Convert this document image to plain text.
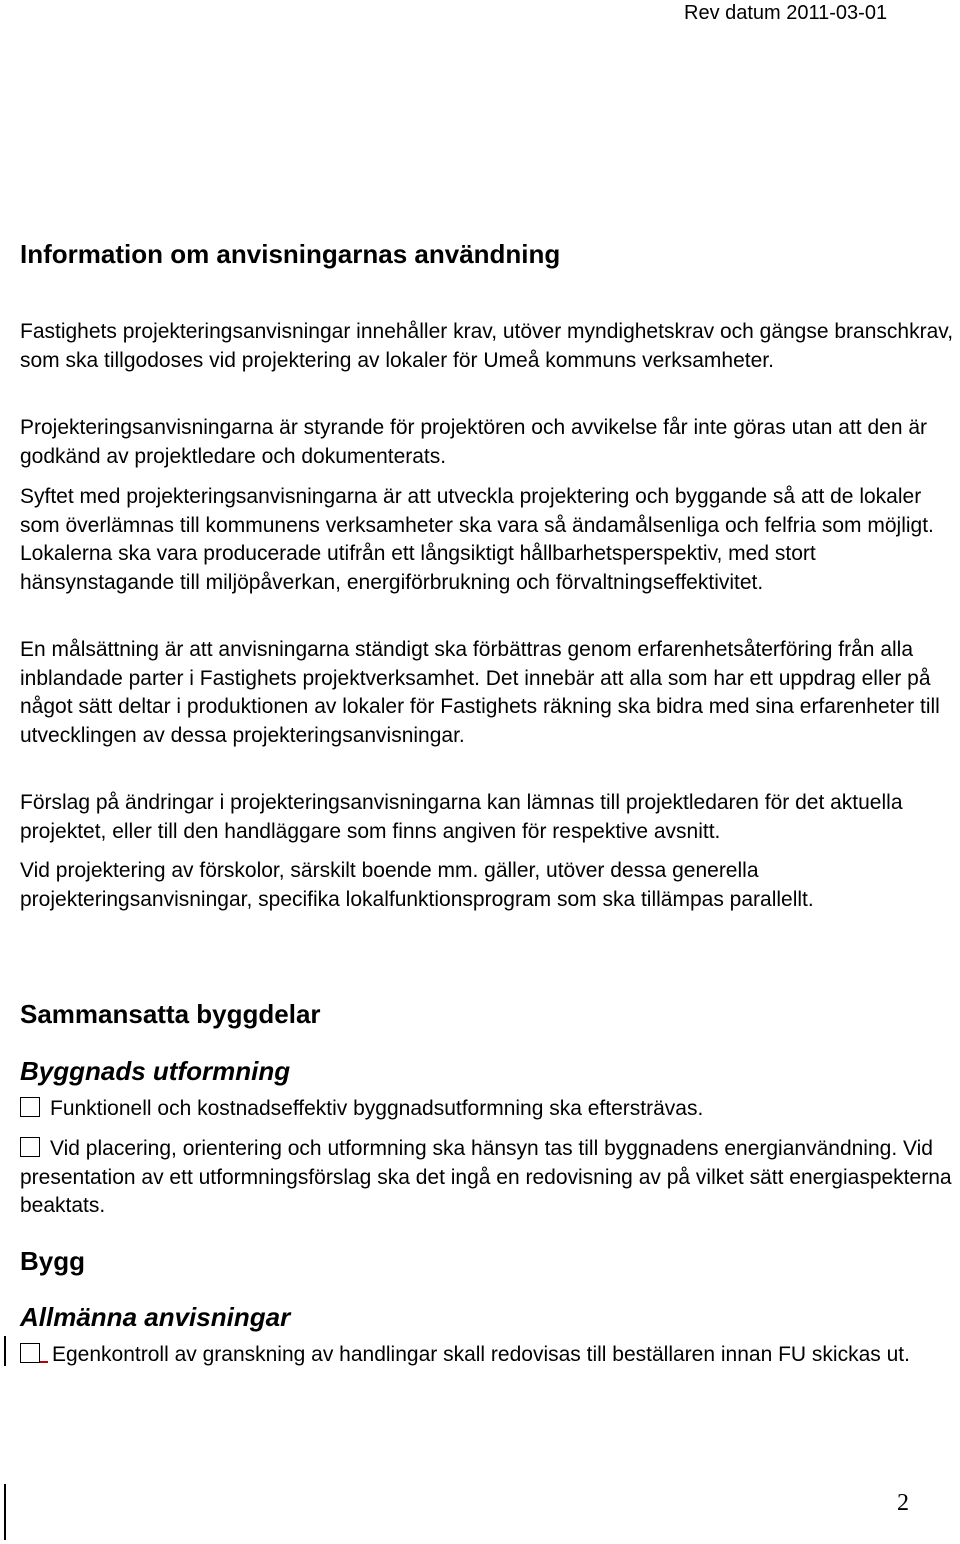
Rev datum 2011-03-01
Information om anvisningarnas användning

Fastighets projekteringsanvisningar innehåller krav, utöver myndighetskrav och gängse branschkrav, som ska tillgodoses vid projektering av lokaler för Umeå kommuns verksamheter.

Projekteringsanvisningarna är styrande för projektören och avvikelse får inte göras utan att den är godkänd av projektledare och dokumenterats.

Syftet med projekteringsanvisningarna är att utveckla projektering och byggande så att de lokaler som överlämnas till kommunens verksamheter ska vara så ändamålsenliga och felfria som möjligt. Lokalerna ska vara producerade utifrån ett långsiktigt hållbarhetsperspektiv, med stort hänsynstagande till miljöpåverkan, energiförbrukning och förvaltningseffektivitet.

En målsättning är att anvisningarna ständigt ska förbättras genom erfarenhetsåterföring från alla inblandade parter i Fastighets projektverksamhet. Det innebär att alla som har ett uppdrag eller på något sätt deltar i produktionen av lokaler för Fastighets räkning ska bidra med sina erfarenheter till utvecklingen av dessa projekteringsanvisningar.

Förslag på ändringar i projekteringsanvisningarna kan lämnas till projektledaren för det aktuella projektet, eller till den handläggare som finns angiven för respektive avsnitt.

Vid projektering av förskolor, särskilt boende mm. gäller, utöver dessa generella projekteringsanvisningar, specifika lokalfunktionsprogram som ska tillämpas parallellt.

Sammansatta byggdelar
Byggnads utformning

Funktionell och kostnadseffektiv byggnadsutformning ska eftersträvas.

Vid placering, orientering och utformning ska hänsyn tas till byggnadens energianvändning. Vid presentation av ett utformningsförslag ska det ingå en redovisning av på vilket sätt energiaspekterna beaktats.

Bygg
Allmänna anvisningar

Egenkontroll av granskning av handlingar skall redovisas till beställaren innan FU skickas ut.

2
